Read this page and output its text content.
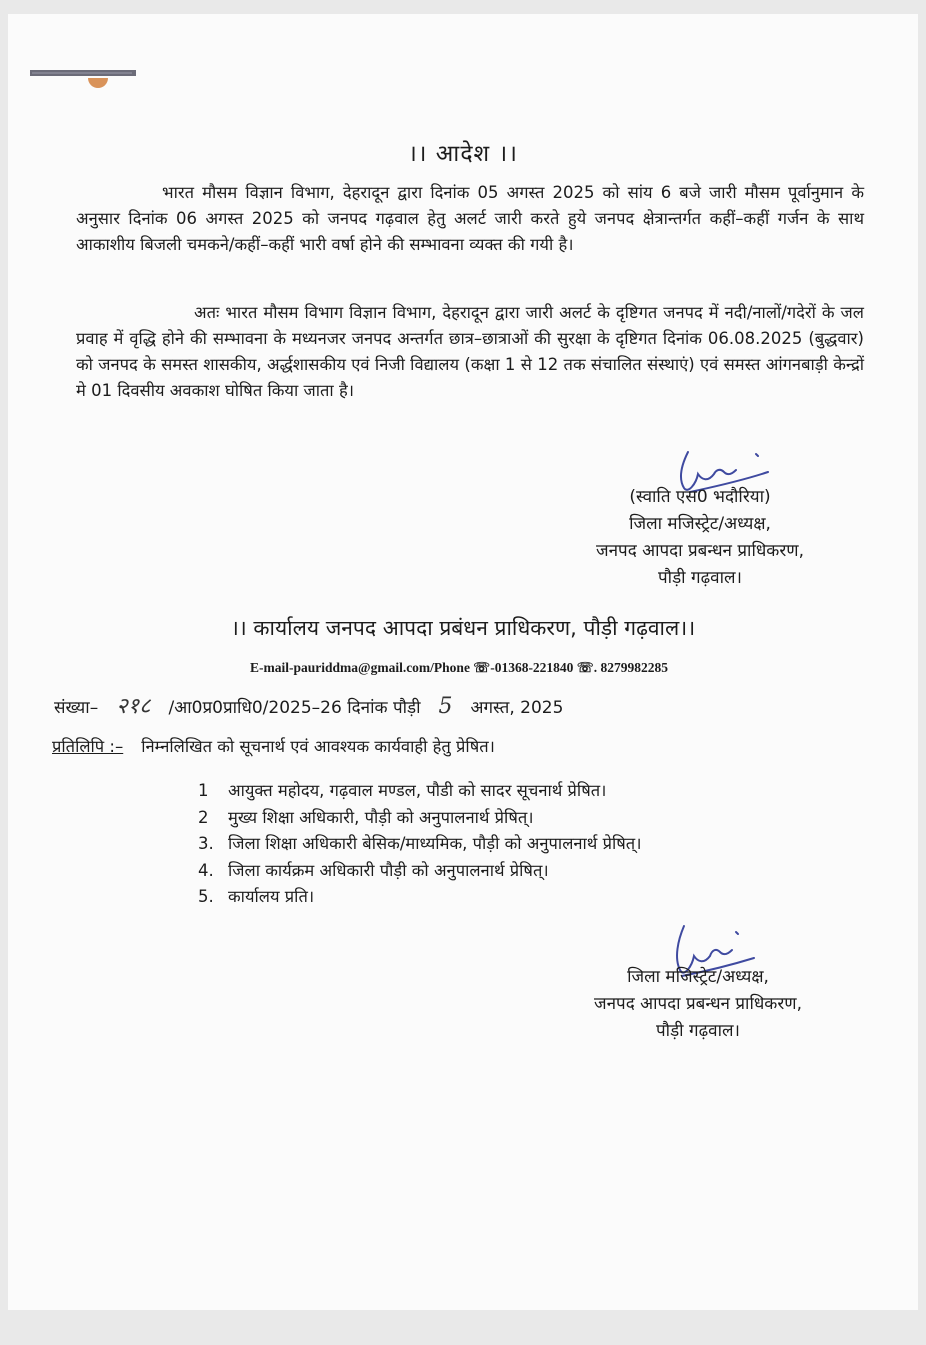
।। आदेश ।।
भारत मौसम विज्ञान विभाग, देहरादून द्वारा दिनांक 05 अगस्त 2025 को सांय 6 बजे जारी मौसम पूर्वानुमान के अनुसार दिनांक 06 अगस्त 2025 को जनपद गढ़वाल हेतु अलर्ट जारी करते हुये जनपद क्षेत्रान्तर्गत कहीं–कहीं गर्जन के साथ आकाशीय बिजली चमकने/कहीं–कहीं भारी वर्षा होने की सम्भावना व्यक्त की गयी है।
अतः भारत मौसम विभाग विज्ञान विभाग, देहरादून द्वारा जारी अलर्ट के दृष्टिगत जनपद में नदी/नालों/गदेरों के जल प्रवाह में वृद्धि होने की सम्भावना के मध्यनजर जनपद अन्तर्गत छात्र–छात्राओं की सुरक्षा के दृष्टिगत दिनांक 06.08.2025 (बुद्धवार) को जनपद के समस्त शासकीय, अर्द्धशासकीय एवं निजी विद्यालय (कक्षा 1 से 12 तक संचालित संस्थाएं) एवं समस्त आंगनबाड़ी केन्द्रों मे 01 दिवसीय अवकाश घोषित किया जाता है।
(स्वाति एस0 भदौरिया)
जिला मजिस्ट्रेट/अध्यक्ष,
जनपद आपदा प्रबन्धन प्राधिकरण,
पौड़ी गढ़वाल।
।। कार्यालय जनपद आपदा प्रबंधन प्राधिकरण, पौड़ी गढ़वाल।।
E-mail-pauriddma@gmail.com/Phone ☏-01368-221840 ☏. 8279982285
संख्या– २१८ /आ0प्र0प्राधि0/2025–26 दिनांक पौड़ी 5 अगस्त, 2025
प्रतिलिपि :– निम्नलिखित को सूचनार्थ एवं आवश्यक कार्यवाही हेतु प्रेषित।
1 आयुक्त महोदय, गढ़वाल मण्डल, पौडी को सादर सूचनार्थ प्रेषित।
2 मुख्य शिक्षा अधिकारी, पौड़ी को अनुपालनार्थ प्रेषित्।
3. जिला शिक्षा अधिकारी बेसिक/माध्यमिक, पौड़ी को अनुपालनार्थ प्रेषित्।
4. जिला कार्यक्रम अधिकारी पौड़ी को अनुपालनार्थ प्रेषित्।
5. कार्यालय प्रति।
जिला मजिस्ट्रेट/अध्यक्ष,
जनपद आपदा प्रबन्धन प्राधिकरण,
पौड़ी गढ़वाल।
